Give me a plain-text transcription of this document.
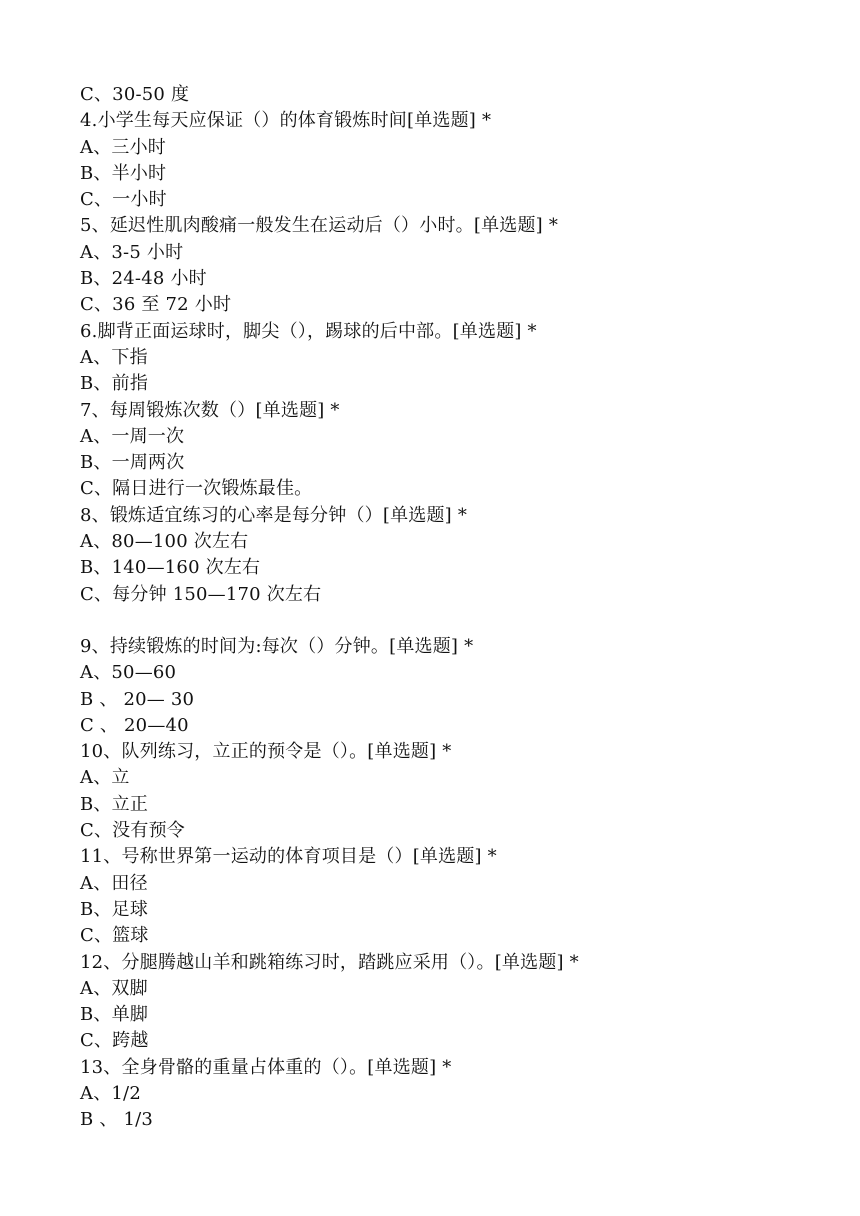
C、30-50 度
4.小学生每天应保证（）的体育锻炼时间[单选题] *
A、三小时
B、半小时
C、一小时
5、延迟性肌肉酸痛一般发生在运动后（）小时。[单选题] *
A、3-5 小时
B、24-48 小时
C、36 至 72 小时
6.脚背正面运球时，脚尖（），踢球的后中部。[单选题] *
A、下指
B、前指
7、每周锻炼次数（）[单选题] *
A、一周一次
B、一周两次
C、隔日进行一次锻炼最佳。
8、锻炼适宜练习的心率是每分钟（）[单选题] *
A、80—100 次左右
B、140—160 次左右
C、每分钟 150—170 次左右
9、持续锻炼的时间为:每次（）分钟。[单选题] *
A、50—60
B 、 20— 30
C 、 20—40
10、队列练习，立正的预令是（）。[单选题] *
A、立
B、立正
C、没有预令
11、号称世界第一运动的体育项目是（）[单选题] *
A、田径
B、足球
C、篮球
12、分腿腾越山羊和跳箱练习时，踏跳应采用（）。[单选题] *
A、双脚
B、单脚
C、跨越
13、全身骨骼的重量占体重的（）。[单选题] *
A、1/2
B 、 1/3
